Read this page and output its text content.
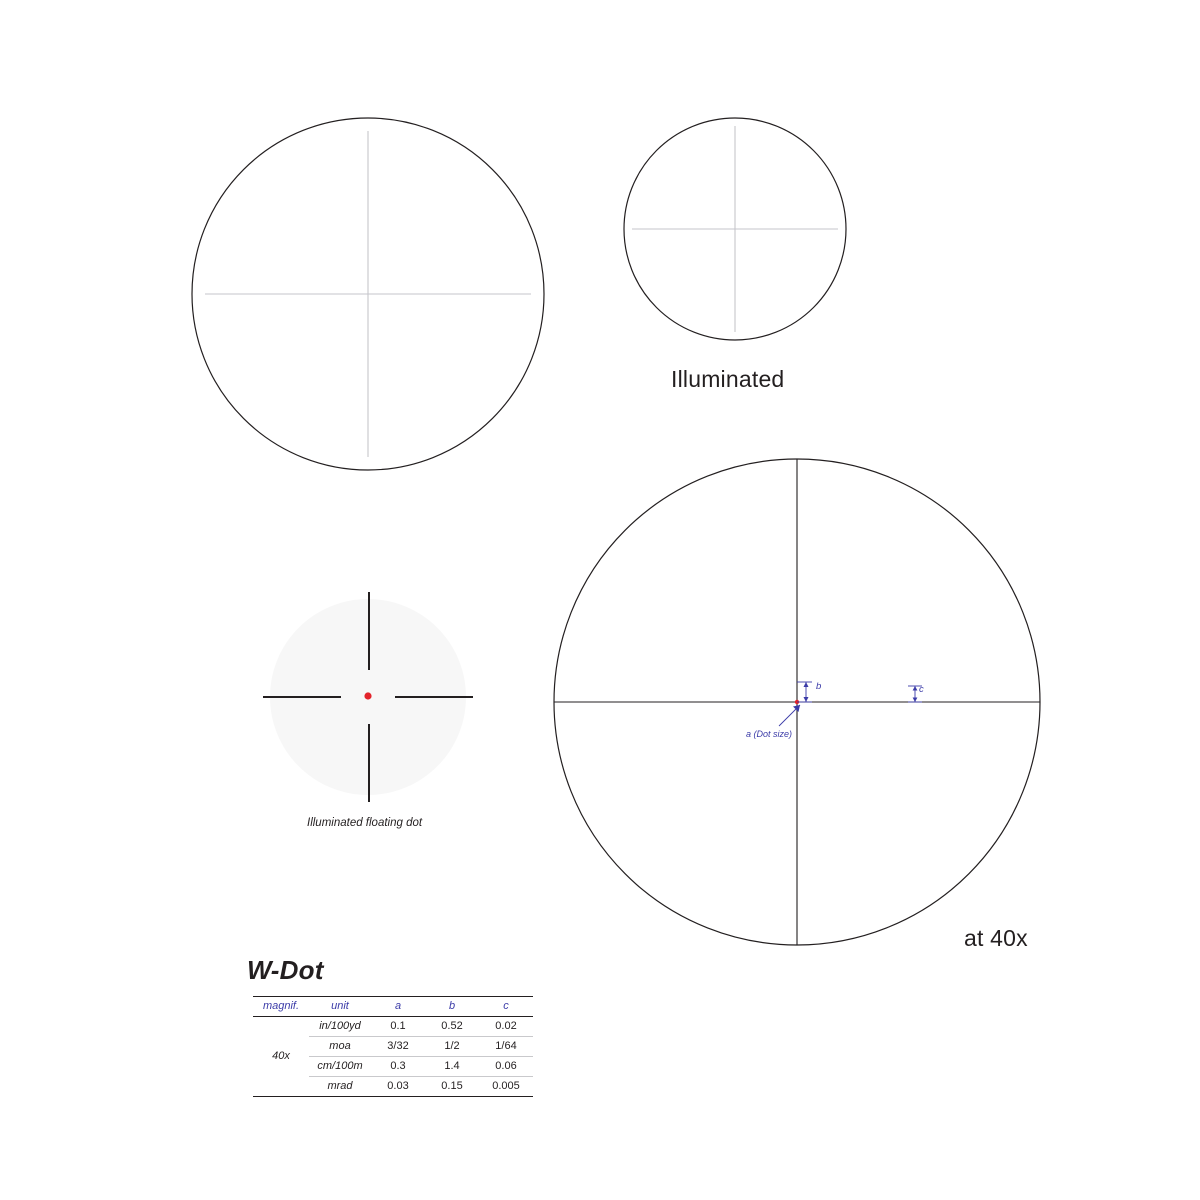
b	c
a (Dot size)
Illuminated
at 40x
Illuminated floating dot
W-Dot
magnif.	unit	a	b	c
40x	in/100yd	0.1	0.52	0.02
	moa	3/32	1/2	1/64
	cm/100m	0.3	1.4	0.06
	mrad	0.03	0.15	0.005
